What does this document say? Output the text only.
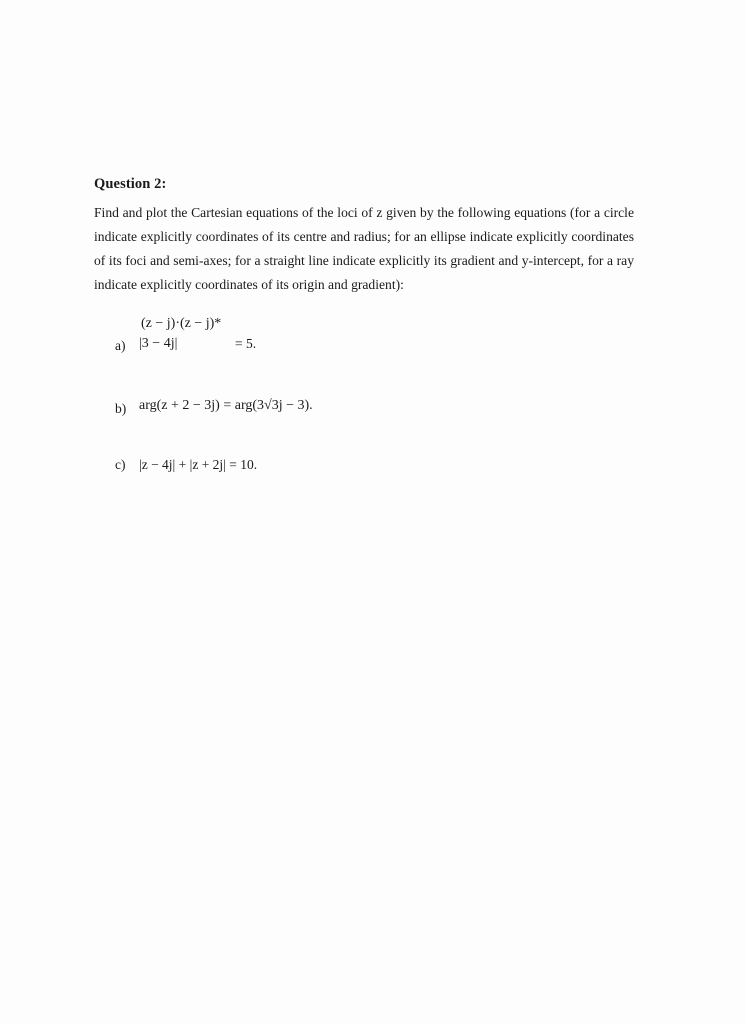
Question 2:
Find and plot the Cartesian equations of the loci of z given by the following equations (for a circle indicate explicitly coordinates of its centre and radius; for an ellipse indicate explicitly coordinates of its foci and semi-axes; for a straight line indicate explicitly its gradient and y-intercept, for a ray indicate explicitly coordinates of its origin and gradient):
a)
(z − j)·(z − j)*
|3 − 4j|	= 5.
b) arg(z + 2 − 3j) = arg(3√3j − 3).
c) |z − 4j| + |z + 2j| = 10.
